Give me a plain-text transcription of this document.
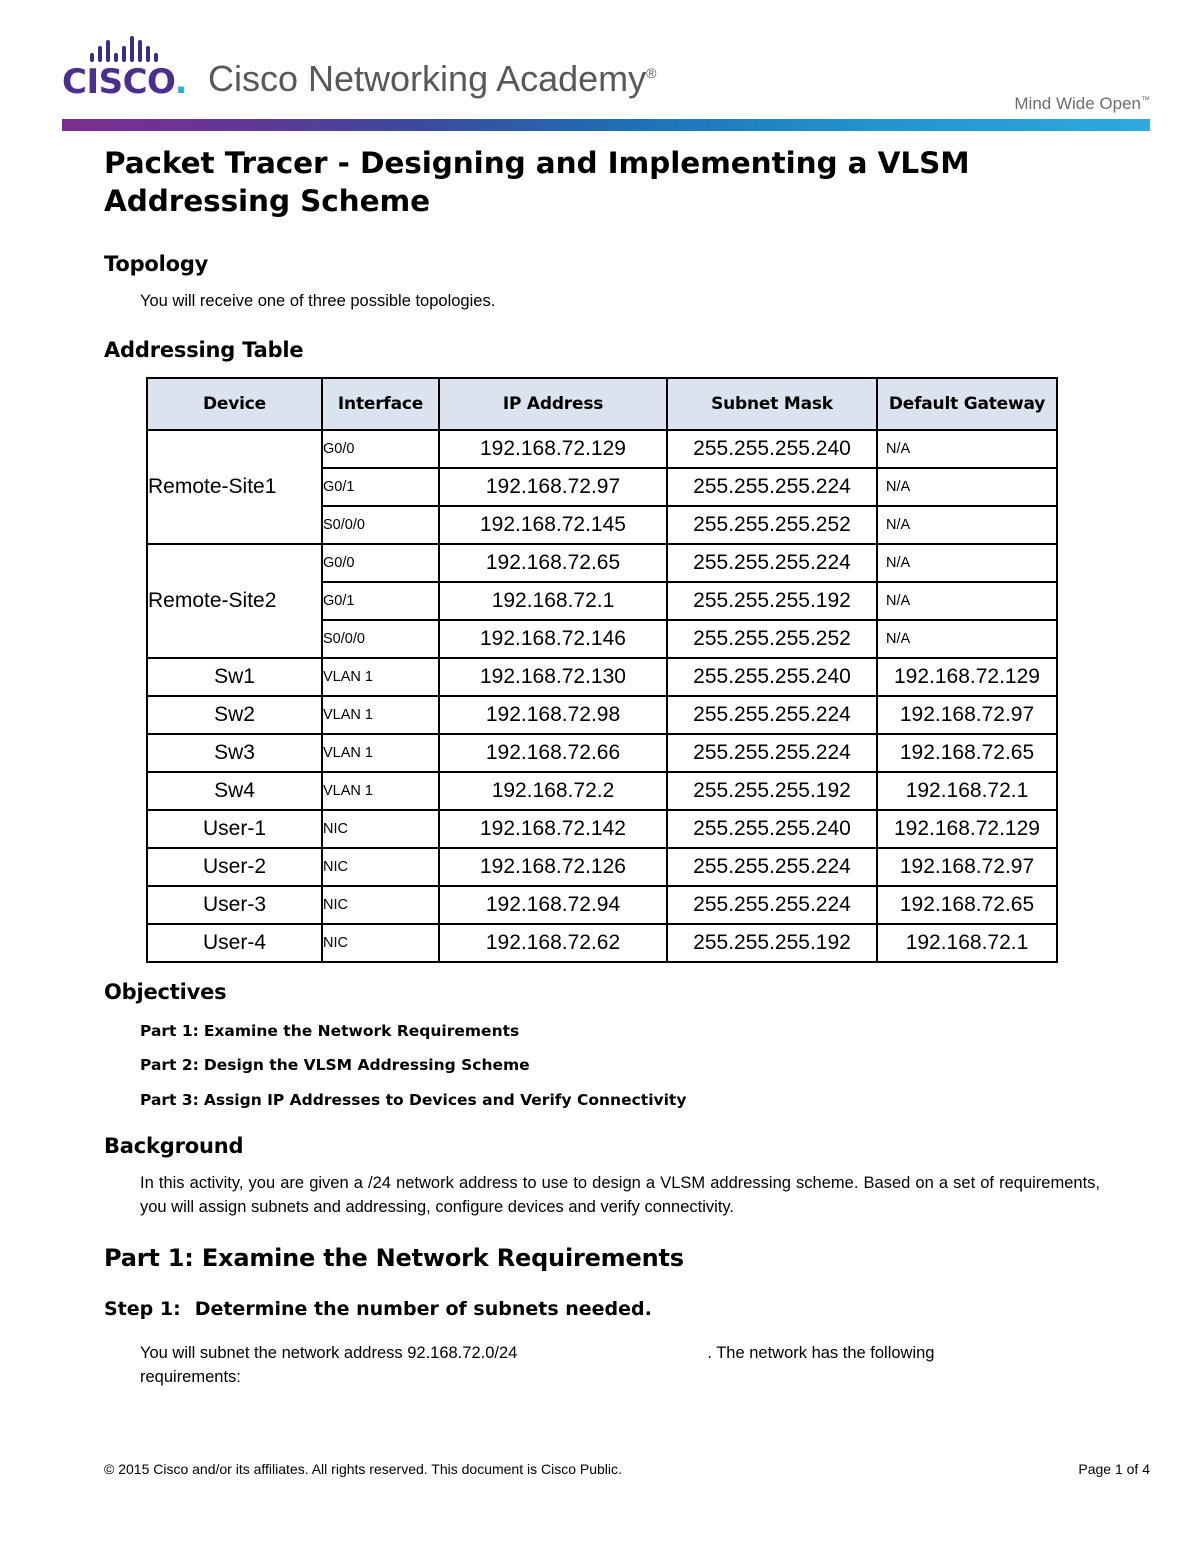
CISCO. Cisco Networking Academy®
Mind Wide Open™
Packet Tracer - Designing and Implementing a VLSM Addressing Scheme
Topology
You will receive one of three possible topologies.
Addressing Table
Device	Interface	IP Address	Subnet Mask	Default Gateway
Remote-Site1	G0/0	192.168.72.129	255.255.255.240	N/A
	G0/1	192.168.72.97	255.255.255.224	N/A
	S0/0/0	192.168.72.145	255.255.255.252	N/A
Remote-Site2	G0/0	192.168.72.65	255.255.255.224	N/A
	G0/1	192.168.72.1	255.255.255.192	N/A
	S0/0/0	192.168.72.146	255.255.255.252	N/A
Sw1	VLAN 1	192.168.72.130	255.255.255.240	192.168.72.129
Sw2	VLAN 1	192.168.72.98	255.255.255.224	192.168.72.97
Sw3	VLAN 1	192.168.72.66	255.255.255.224	192.168.72.65
Sw4	VLAN 1	192.168.72.2	255.255.255.192	192.168.72.1
User-1	NIC	192.168.72.142	255.255.255.240	192.168.72.129
User-2	NIC	192.168.72.126	255.255.255.224	192.168.72.97
User-3	NIC	192.168.72.94	255.255.255.224	192.168.72.65
User-4	NIC	192.168.72.62	255.255.255.192	192.168.72.1
Objectives
Part 1: Examine the Network Requirements
Part 2: Design the VLSM Addressing Scheme
Part 3: Assign IP Addresses to Devices and Verify Connectivity
Background
In this activity, you are given a /24 network address to use to design a VLSM addressing scheme. Based on a set of requirements, you will assign subnets and addressing, configure devices and verify connectivity.
Part 1: Examine the Network Requirements
Step 1: Determine the number of subnets needed.
You will subnet the network address 92.168.72.0/24	. The network has the following requirements:
© 2015 Cisco and/or its affiliates. All rights reserved. This document is Cisco Public.	Page 1 of 4
